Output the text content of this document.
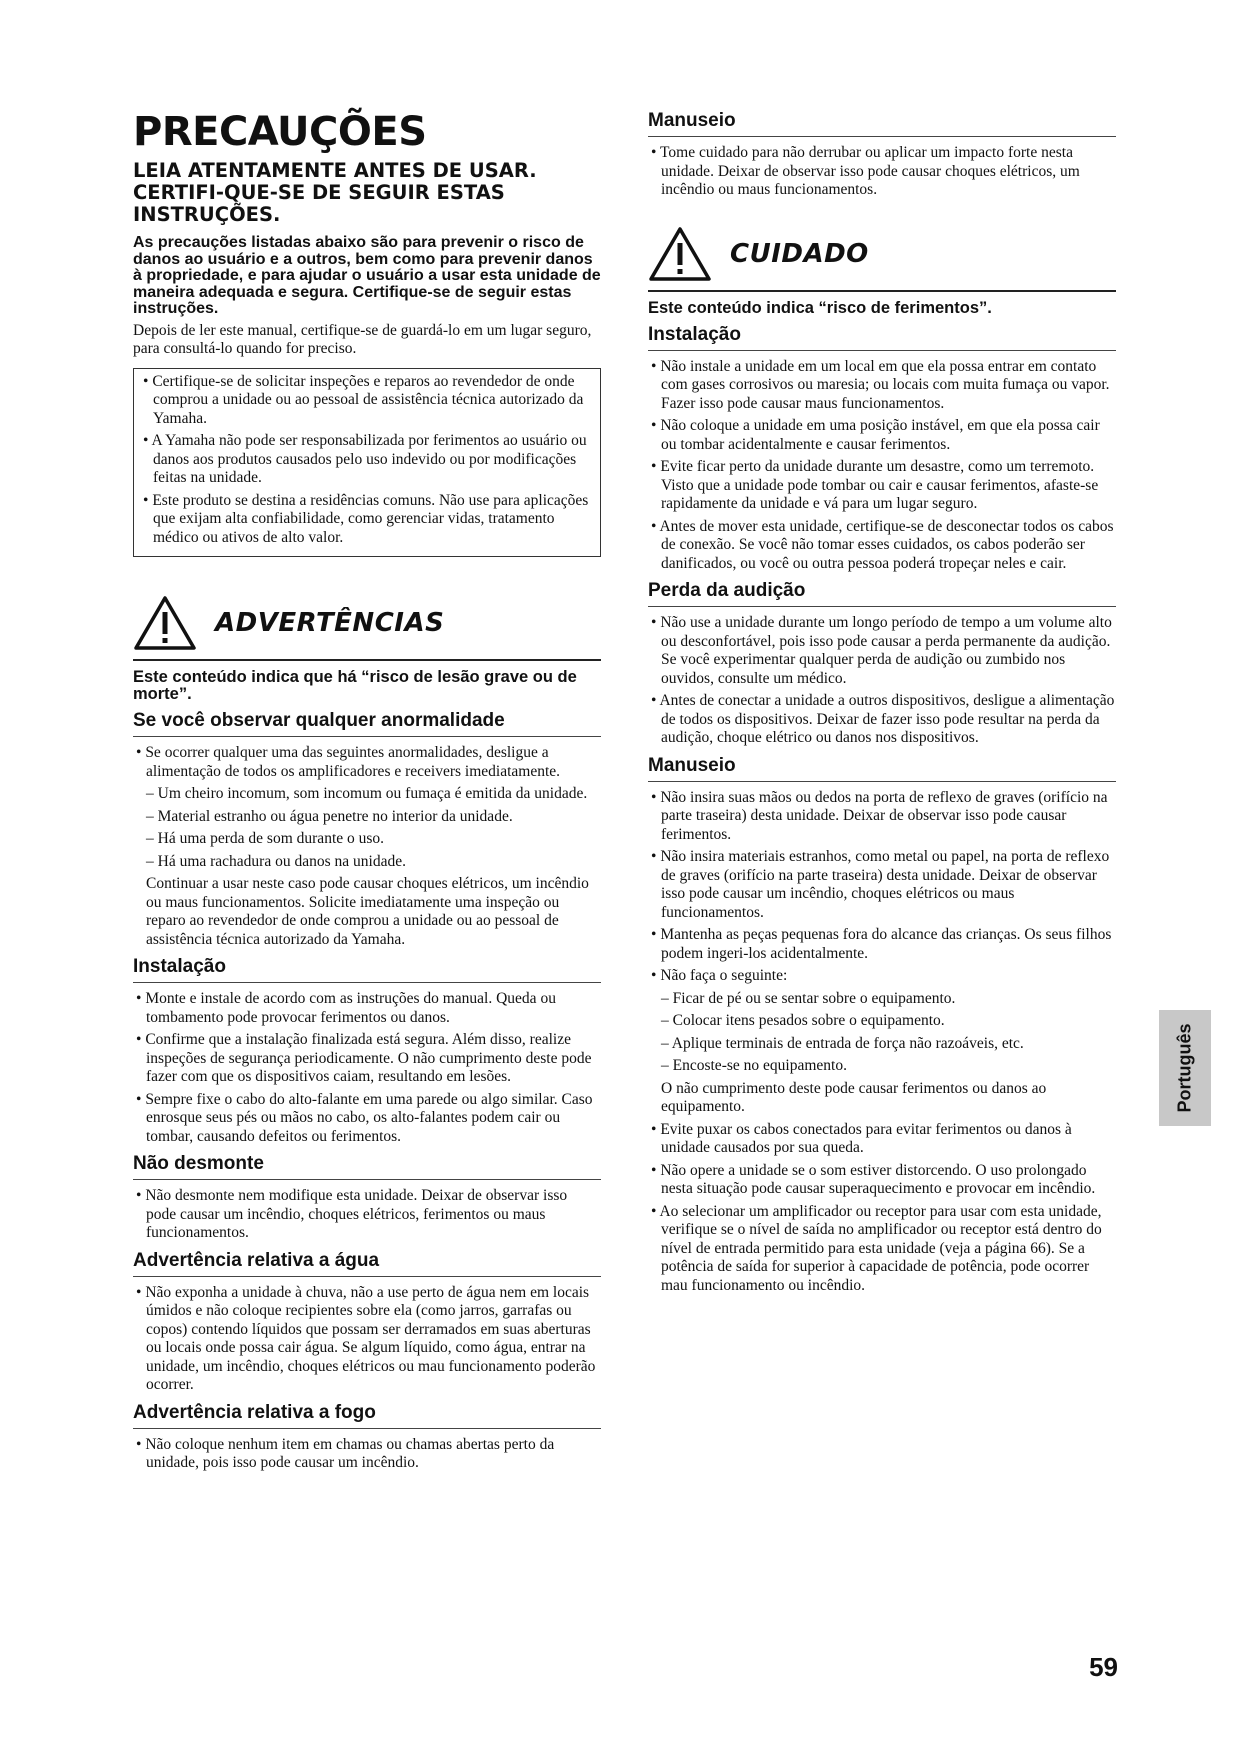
PRECAUÇÕES
LEIA ATENTAMENTE ANTES DE USAR. CERTIFI-QUE-SE DE SEGUIR ESTAS INSTRUÇÕES.
As precauções listadas abaixo são para prevenir o risco de danos ao usuário e a outros, bem como para prevenir danos à propriedade, e para ajudar o usuário a usar esta unidade de maneira adequada e segura. Certifique-se de seguir estas instruções.

Depois de ler este manual, certifique-se de guardá-lo em um lugar seguro, para consultá-lo quando for preciso.

• Certifique-se de solicitar inspeções e reparos ao revendedor de onde comprou a unidade ou ao pessoal de assistência técnica autorizado da Yamaha.
• A Yamaha não pode ser responsabilizada por ferimentos ao usuário ou danos aos produtos causados pelo uso indevido ou por modificações feitas na unidade.
• Este produto se destina a residências comuns. Não use para aplicações que exijam alta confiabilidade, como gerenciar vidas, tratamento médico ou ativos de alto valor.
ADVERTÊNCIAS
Este conteúdo indica que há “risco de lesão grave ou de morte”.
Se você observar qualquer anormalidade
• Se ocorrer qualquer uma das seguintes anormalidades, desligue a alimentação de todos os amplificadores e receivers imediatamente.
– Um cheiro incomum, som incomum ou fumaça é emitida da unidade.
– Material estranho ou água penetre no interior da unidade.
– Há uma perda de som durante o uso.
– Há uma rachadura ou danos na unidade.

Continuar a usar neste caso pode causar choques elétricos, um incêndio ou maus funcionamentos. Solicite imediatamente uma inspeção ou reparo ao revendedor de onde comprou a unidade ou ao pessoal de assistência técnica autorizado da Yamaha.

Instalação
• Monte e instale de acordo com as instruções do manual. Queda ou tombamento pode provocar ferimentos ou danos.
• Confirme que a instalação finalizada está segura. Além disso, realize inspeções de segurança periodicamente. O não cumprimento deste pode fazer com que os dispositivos caiam, resultando em lesões.
• Sempre fixe o cabo do alto-falante em uma parede ou algo similar. Caso enrosque seus pés ou mãos no cabo, os alto-falantes podem cair ou tombar, causando defeitos ou ferimentos.
Não desmonte
• Não desmonte nem modifique esta unidade. Deixar de observar isso pode causar um incêndio, choques elétricos, ferimentos ou maus funcionamentos.
Advertência relativa a água
• Não exponha a unidade à chuva, não a use perto de água nem em locais úmidos e não coloque recipientes sobre ela (como jarros, garrafas ou copos) contendo líquidos que possam ser derramados em suas aberturas ou locais onde possa cair água. Se algum líquido, como água, entrar na unidade, um incêndio, choques elétricos ou mau funcionamento poderão ocorrer.
Advertência relativa a fogo
• Não coloque nenhum item em chamas ou chamas abertas perto da unidade, pois isso pode causar um incêndio.
Manuseio
• Tome cuidado para não derrubar ou aplicar um impacto forte nesta unidade. Deixar de observar isso pode causar choques elétricos, um incêndio ou maus funcionamentos.
CUIDADO
Este conteúdo indica “risco de ferimentos”.
Instalação
• Não instale a unidade em um local em que ela possa entrar em contato com gases corrosivos ou maresia; ou locais com muita fumaça ou vapor. Fazer isso pode causar maus funcionamentos.
• Não coloque a unidade em uma posição instável, em que ela possa cair ou tombar acidentalmente e causar ferimentos.
• Evite ficar perto da unidade durante um desastre, como um terremoto. Visto que a unidade pode tombar ou cair e causar ferimentos, afaste-se rapidamente da unidade e vá para um lugar seguro.
• Antes de mover esta unidade, certifique-se de desconectar todos os cabos de conexão. Se você não tomar esses cuidados, os cabos poderão ser danificados, ou você ou outra pessoa poderá tropeçar neles e cair.
Perda da audição
• Não use a unidade durante um longo período de tempo a um volume alto ou desconfortável, pois isso pode causar a perda permanente da audição. Se você experimentar qualquer perda de audição ou zumbido nos ouvidos, consulte um médico.
• Antes de conectar a unidade a outros dispositivos, desligue a alimentação de todos os dispositivos. Deixar de fazer isso pode resultar na perda da audição, choque elétrico ou danos nos dispositivos.
Manuseio
• Não insira suas mãos ou dedos na porta de reflexo de graves (orifício na parte traseira) desta unidade. Deixar de observar isso pode causar ferimentos.
• Não insira materiais estranhos, como metal ou papel, na porta de reflexo de graves (orifício na parte traseira) desta unidade. Deixar de observar isso pode causar um incêndio, choques elétricos ou maus funcionamentos.
• Mantenha as peças pequenas fora do alcance das crianças. Os seus filhos podem ingeri-los acidentalmente.
• Não faça o seguinte:
– Ficar de pé ou se sentar sobre o equipamento.
– Colocar itens pesados sobre o equipamento.
– Aplique terminais de entrada de força não razoáveis, etc.
– Encoste-se no equipamento.

O não cumprimento deste pode causar ferimentos ou danos ao equipamento.

• Evite puxar os cabos conectados para evitar ferimentos ou danos à unidade causados por sua queda.
• Não opere a unidade se o som estiver distorcendo. O uso prolongado nesta situação pode causar superaquecimento e provocar em incêndio.
• Ao selecionar um amplificador ou receptor para usar com esta unidade, verifique se o nível de saída no amplificador ou receptor está dentro do nível de entrada permitido para esta unidade (veja a página 66). Se a potência de saída for superior à capacidade de potência, pode ocorrer mau funcionamento ou incêndio.
Português
59
